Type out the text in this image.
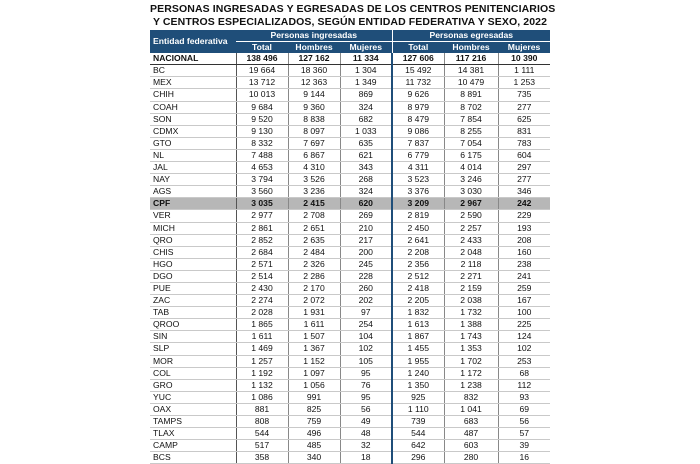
PERSONAS INGRESADAS Y EGRESADAS DE LOS CENTROS PENITENCIARIOS
Y CENTROS ESPECIALIZADOS, SEGÚN ENTIDAD FEDERATIVA Y SEXO, 2022
Entidad federativa	Personas ingresadas			Personas egresadas		
	Total	Hombres	Mujeres	Total	Hombres	Mujeres
NACIONAL	138 496	127 162	11 334	127 606	117 216	10 390
BC	19 664	18 360	1 304	15 492	14 381	1 111
MEX	13 712	12 363	1 349	11 732	10 479	1 253
CHIH	10 013	9 144	869	9 626	8 891	735
COAH	9 684	9 360	324	8 979	8 702	277
SON	9 520	8 838	682	8 479	7 854	625
CDMX	9 130	8 097	1 033	9 086	8 255	831
GTO	8 332	7 697	635	7 837	7 054	783
NL	7 488	6 867	621	6 779	6 175	604
JAL	4 653	4 310	343	4 311	4 014	297
NAY	3 794	3 526	268	3 523	3 246	277
AGS	3 560	3 236	324	3 376	3 030	346
CPF	3 035	2 415	620	3 209	2 967	242
VER	2 977	2 708	269	2 819	2 590	229
MICH	2 861	2 651	210	2 450	2 257	193
QRO	2 852	2 635	217	2 641	2 433	208
CHIS	2 684	2 484	200	2 208	2 048	160
HGO	2 571	2 326	245	2 356	2 118	238
DGO	2 514	2 286	228	2 512	2 271	241
PUE	2 430	2 170	260	2 418	2 159	259
ZAC	2 274	2 072	202	2 205	2 038	167
TAB	2 028	1 931	97	1 832	1 732	100
QROO	1 865	1 611	254	1 613	1 388	225
SIN	1 611	1 507	104	1 867	1 743	124
SLP	1 469	1 367	102	1 455	1 353	102
MOR	1 257	1 152	105	1 955	1 702	253
COL	1 192	1 097	95	1 240	1 172	68
GRO	1 132	1 056	76	1 350	1 238	112
YUC	1 086	991	95	925	832	93
OAX	881	825	56	1 110	1 041	69
TAMPS	808	759	49	739	683	56
TLAX	544	496	48	544	487	57
CAMP	517	485	32	642	603	39
BCS	358	340	18	296	280	16
